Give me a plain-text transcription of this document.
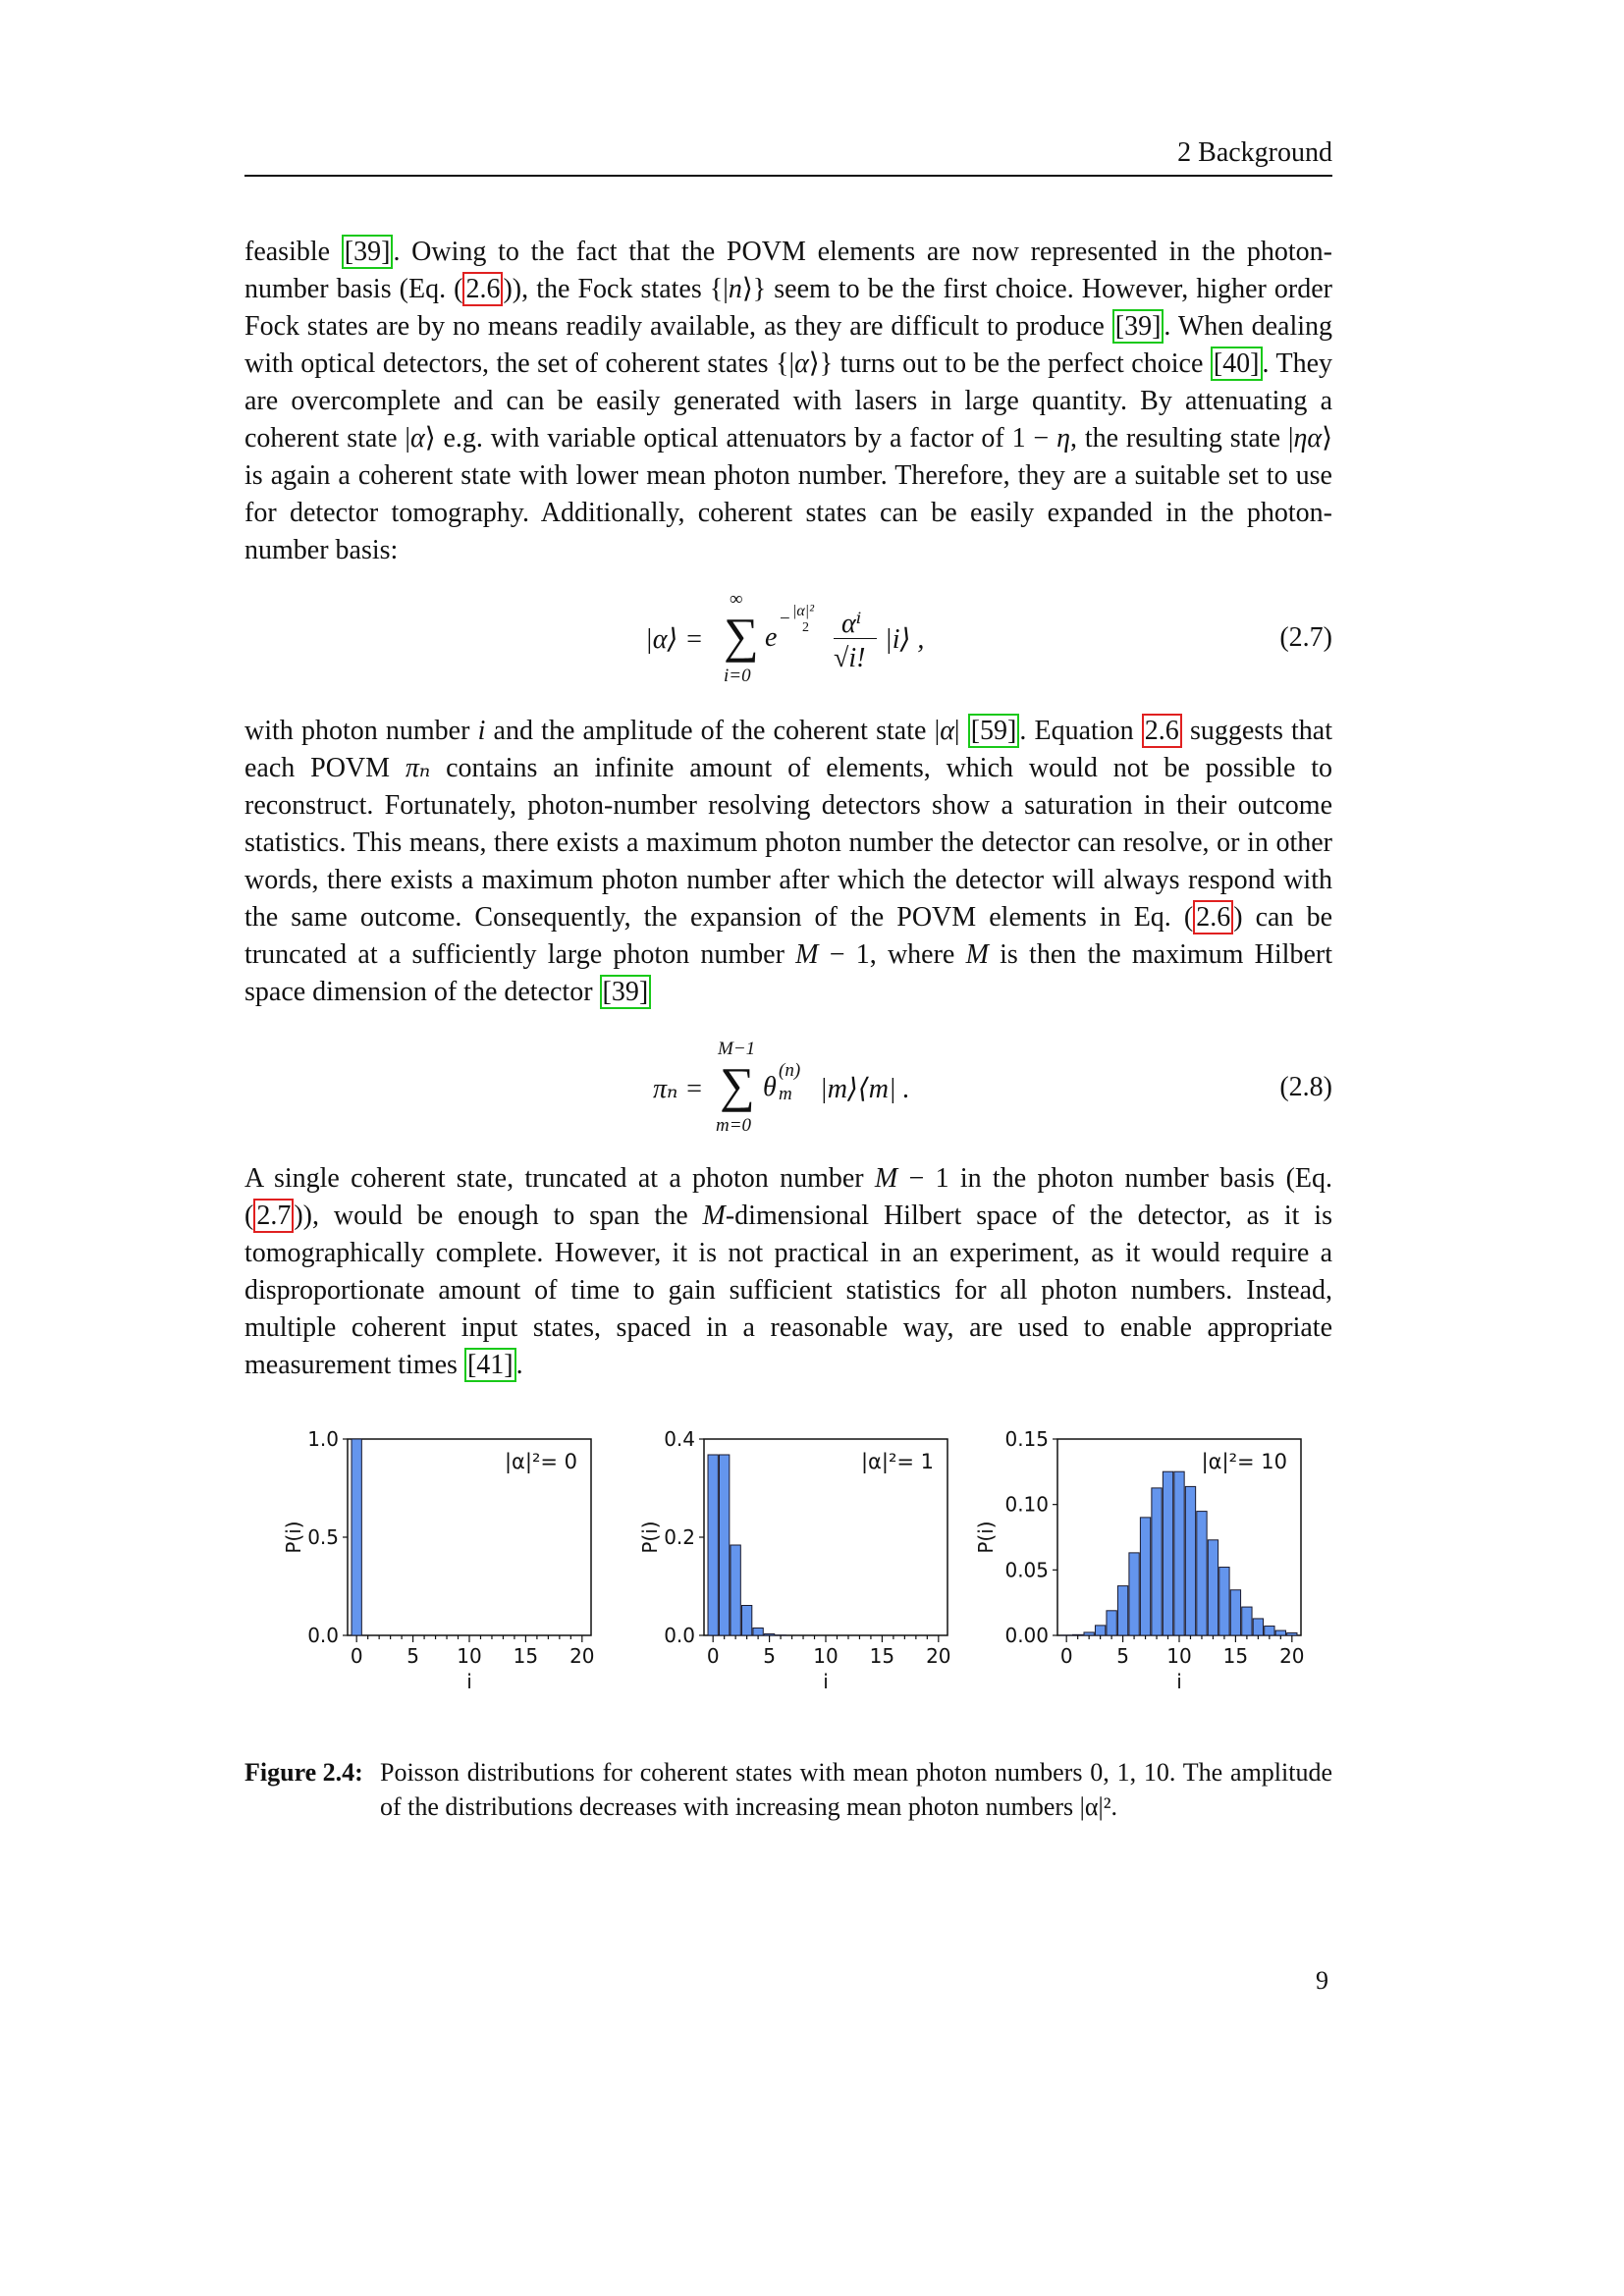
2 Background

feasible [39] . Owing to the fact that the POVM elements are now represented in the photon-number basis (Eq. ( 2.6 )), the Fock states {|n⟩} seem to be the first choice. However, higher order Fock states are by no means readily available, as they are difficult to produce [39] . When dealing with optical detectors, the set of coherent states {|α⟩} turns out to be the perfect choice [40] . They are overcomplete and can be easily generated with lasers in large quantity. By attenuating a coherent state |α⟩ e.g. with variable optical attenuators by a factor of 1 − η, the resulting state |ηα⟩ is again a coherent state with lower mean photon number. Therefore, they are a suitable set to use for detector tomography. Additionally, coherent states can be easily expanded in the photon-number basis:

|α⟩ =
∞
∑
i=0
e
− |α|²
2 αⁱ
√i!
|i⟩ ,	(2.7)

with photon number i and the amplitude of the coherent state |α| [59] . Equation 2.6 suggests that each POVM πₙ contains an infinite amount of elements, which would not be possible to reconstruct. Fortunately, photon-number resolving detectors show a saturation in their outcome statistics. This means, there exists a maximum photon number the detector can resolve, or in other words, there exists a maximum photon number after which the detector will always respond with the same outcome. Consequently, the expansion of the POVM elements in Eq. ( 2.6 ) can be truncated at a sufficiently large photon number M − 1, where M is then the maximum Hilbert space dimension of the detector [39]

πₙ =
M−1
∑
m=0
θ
(n)
m |m⟩⟨m| .	(2.8)

A single coherent state, truncated at a photon number M − 1 in the photon number basis (Eq. ( 2.7 )), would be enough to span the M-dimensional Hilbert space of the detector, as it is tomographically complete. However, it is not practical in an experiment, as it would require a disproportionate amount of time to gain sufficient statistics for all photon numbers. Instead, multiple coherent input states, spaced in a reasonable way, are used to enable appropriate measurement times [41] .

0.0
0.5
1.0
0 5 10 15 20
i
P(i)
|α|²= 0
0.0
0.2
0.4
0 5 10 15 20
i
P(i)
|α|²= 1
0.00
0.05
0.10
0.15
0 5 10 15 20
i
P(i)
|α|²= 10
Figure 2.4: Poisson distributions for coherent states with mean photon numbers 0, 1, 10. The amplitude of the distributions decreases with increasing mean photon numbers |α|².
9
